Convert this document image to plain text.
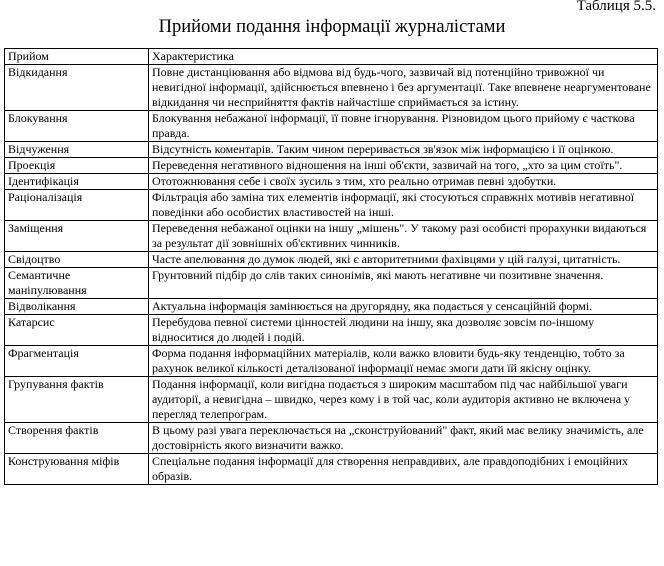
Таблиця 5.5.
Прийоми подання інформації журналістами
Прийом	Характеристика
Відкидання	Повне дистанціювання або відмова від будь-чого, зазвичай від потенційно тривожної чи невигідної інформації, здійснюється впевнено і без аргументації. Таке впевнене неаргументоване відкидання чи несприйняття фактів найчастіше сприймається за істину.
Блокування	Блокування небажаної інформації, її повне ігнорування. Різновидом цього прийому є часткова правда.
Відчуження	Відсутність коментарів. Таким чином переривається зв'язок між інформацією і її оцінкою.
Проекція	Переведення негативного відношення на інші об'єкти, зазвичай на того, „хто за цим стоїть".
Ідентифікація	Ототожнювання себе і своїх зусиль з тим, хто реально отримав певні здобутки.
Раціоналізація	Фільтрація або заміна тих елементів інформації, які стосуються справжніх мотивів негативної поведінки або особистих властивостей на інші.
Заміщення	Переведення небажаної оцінки на іншу „мішень". У такому разі особисті прорахунки видаються за результат дії зовнішніх об'єктивних чинників.
Свідоцтво	Часте апелювання до думок людей, які є авторитетними фахівцями у цій галузі, цитатність.
Семантичне маніпулювання	Грунтовний підбір до слів таких синонімів, які мають негативне чи позитивне значення.
Відволікання	Актуальна інформація замінюється на другорядну, яка подається у сенсаційній формі.
Катарсис	Перебудова певної системи цінностей людини на іншу, яка дозволяє зовсім по-іншому відноситися до людей і подій.
Фрагментація	Форма подання інформаційних матеріалів, коли важко вловити будь-яку тенденцію, тобто за рахунок великої кількості деталізованої інформації немає змоги дати їй якісну оцінку.
Групування фактів	Подання інформації, коли вигідна подається з широким масштабом під час найбільшої уваги аудиторії, а невигідна – швидко, через кому і в той час, коли аудиторія активно не включена у перегляд телепрограм.
Створення фактів	В цьому разі увага переключається на „сконструйований" факт, який має велику значимість, але достовірність якого визначити важко.
Конструювання міфів	Спеціальне подання інформації для створення неправдивих, але правдоподібних і емоційних образів.
